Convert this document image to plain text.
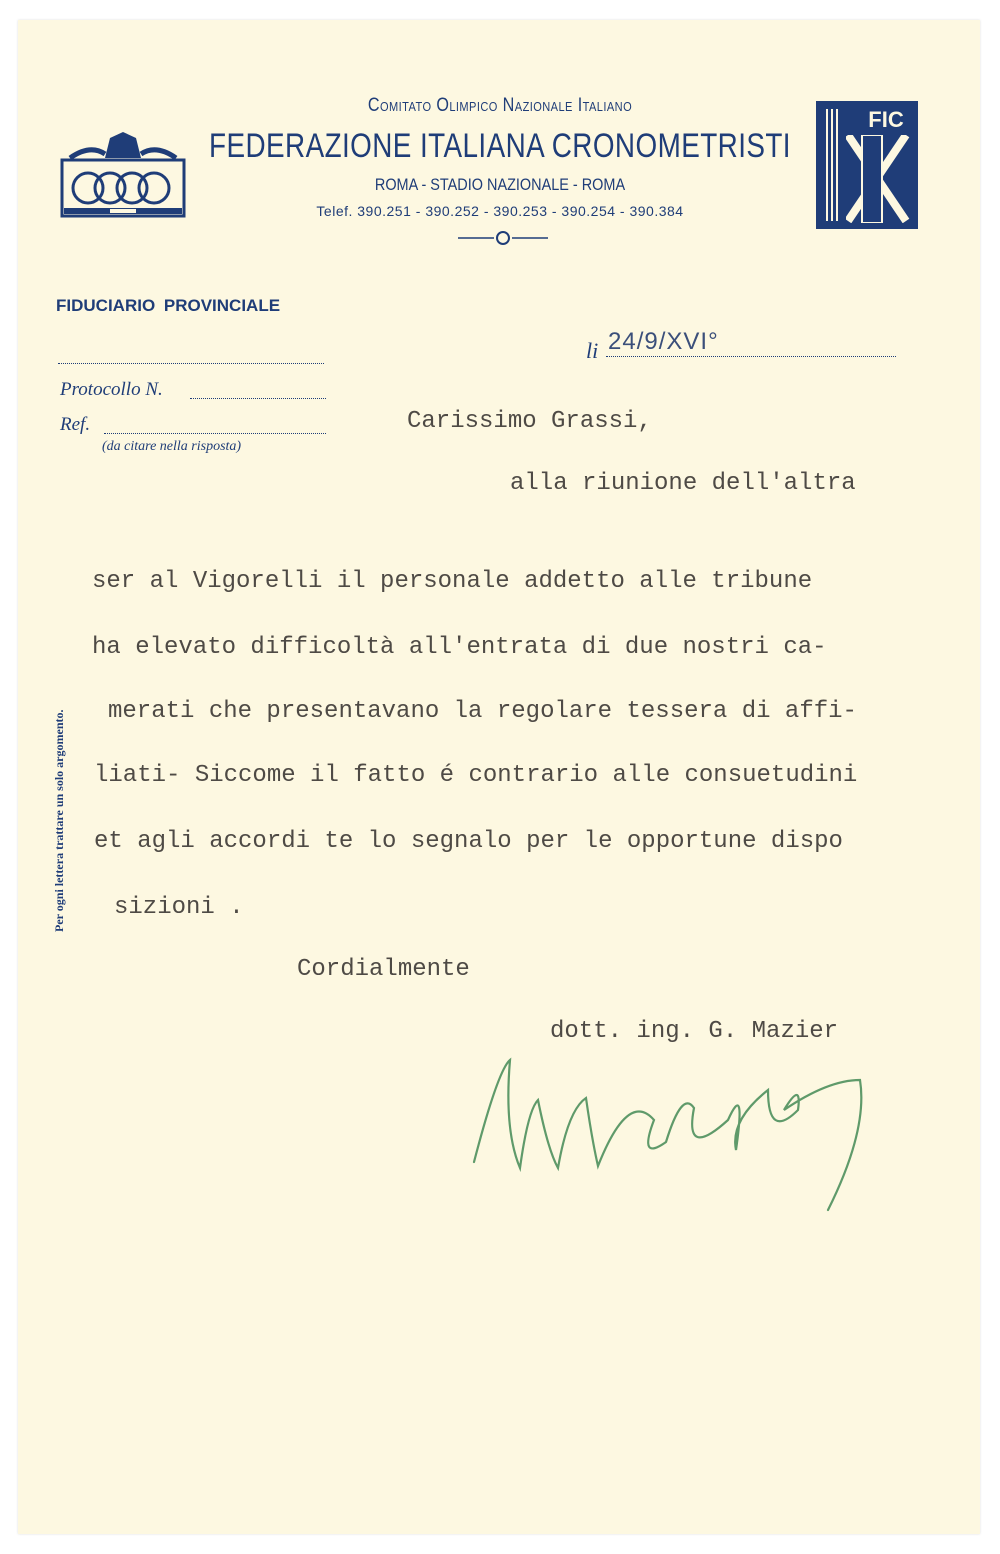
Comitato Olimpico Nazionale Italiano
FEDERAZIONE ITALIANA CRONOMETRISTI
ROMA - STADIO NAZIONALE - ROMA
Telef. 390.251 - 390.252 - 390.253 - 390.254 - 390.384
FIC
FIDUCIARIO PROVINCIALE
Protocollo N.
Ref.
(da citare nella risposta)
li 24/9/XVI°
Per ogni lettera trattare un solo argomento.
Carissimo Grassi,
alla riunione dell'altra
ser al Vigorelli il personale addetto alle tribune
ha elevato difficoltà all'entrata di due nostri ca-
merati che presentavano la regolare tessera di affi-
liati- Siccome il fatto é contrario alle consuetudini
et agli accordi te lo segnalo per le opportune dispo
sizioni .
Cordialmente
dott. ing. G. Mazier
